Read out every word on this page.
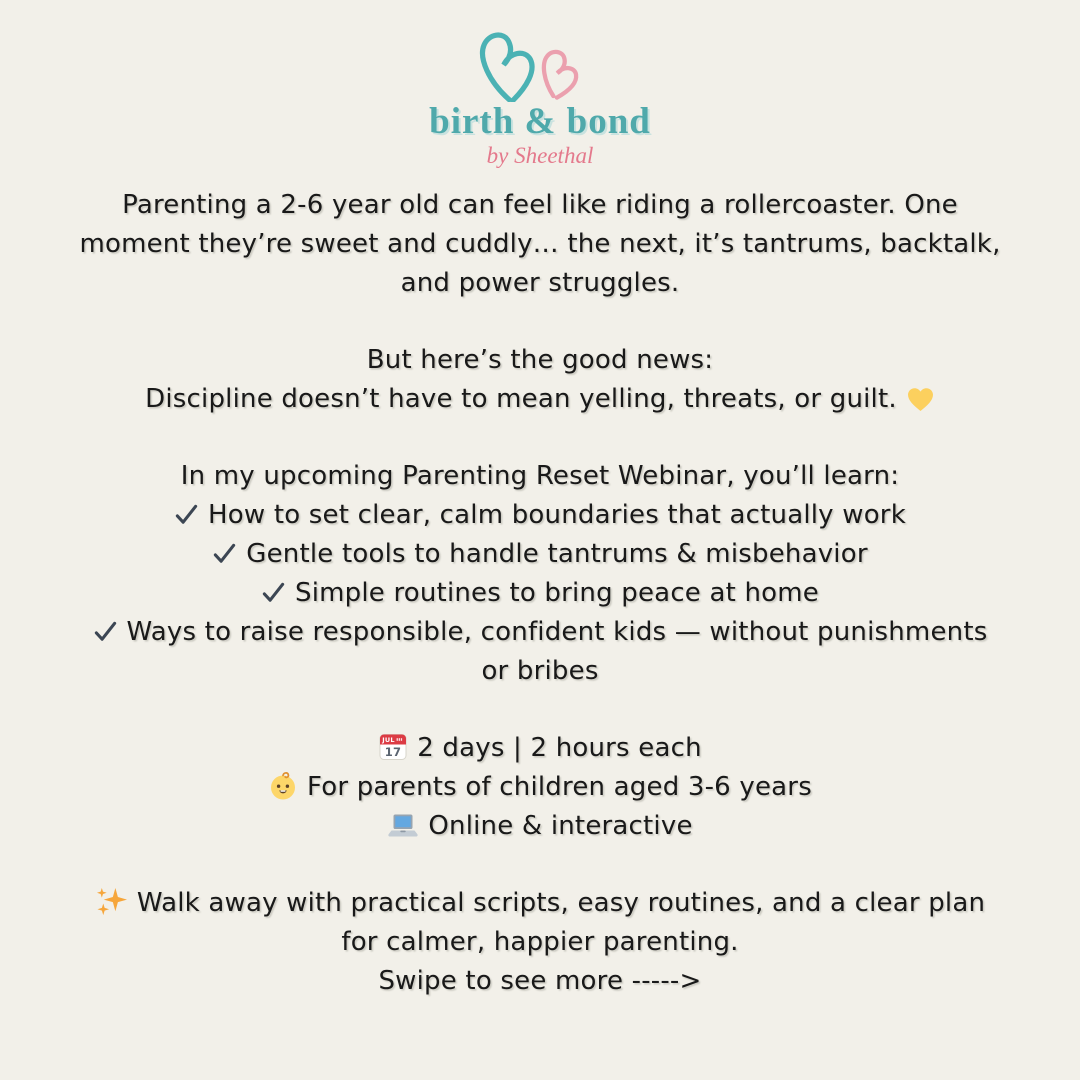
birth & bond
by Sheethal
Parenting a 2-6 year old can feel like riding a rollercoaster. One
moment they’re sweet and cuddly… the next, it’s tantrums, backtalk,
and power struggles.
But here’s the good news:
Discipline doesn’t have to mean yelling, threats, or guilt.
In my upcoming Parenting Reset Webinar, you’ll learn:
How to set clear, calm boundaries that actually work
Gentle tools to handle tantrums & misbehavior
Simple routines to bring peace at home
Ways to raise responsible, confident kids — without punishments
or bribes
JUL
17 2 days | 2 hours each
For parents of children aged 3-6 years
Online & interactive
Walk away with practical scripts, easy routines, and a clear plan
for calmer, happier parenting.
Swipe to see more ----->
